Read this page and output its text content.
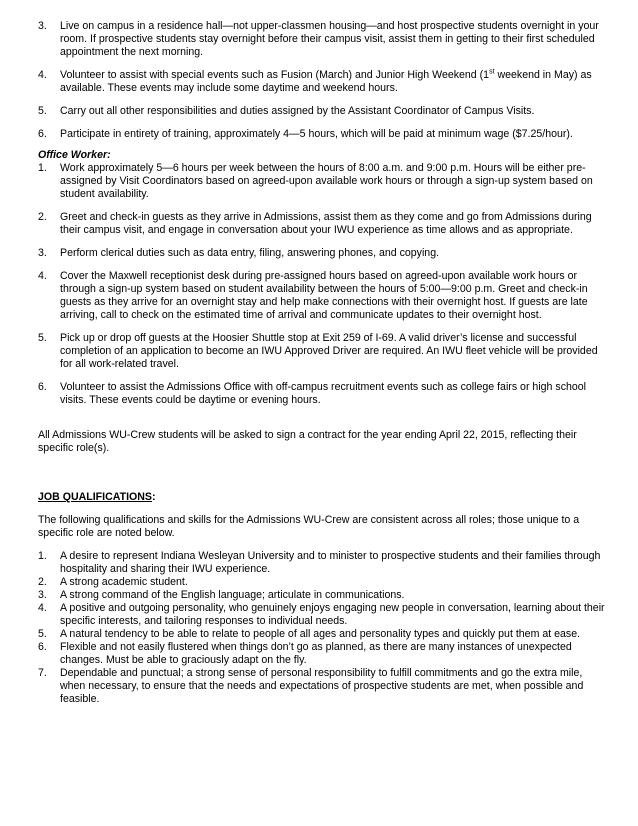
3.	Live on campus in a residence hall—not upper-classmen housing—and host prospective students overnight in your room. If prospective students stay overnight before their campus visit, assist them in getting to their first scheduled appointment the next morning.
4.	Volunteer to assist with special events such as Fusion (March) and Junior High Weekend (1st weekend in May) as available. These events may include some daytime and weekend hours.
5.	Carry out all other responsibilities and duties assigned by the Assistant Coordinator of Campus Visits.
6.	Participate in entirety of training, approximately 4—5 hours, which will be paid at minimum wage ($7.25/hour).
Office Worker:
1.	Work approximately 5—6 hours per week between the hours of 8:00 a.m. and 9:00 p.m. Hours will be either pre-assigned by Visit Coordinators based on agreed-upon available work hours or through a sign-up system based on student availability.
2.	Greet and check-in guests as they arrive in Admissions, assist them as they come and go from Admissions during their campus visit, and engage in conversation about your IWU experience as time allows and as appropriate.
3.	Perform clerical duties such as data entry, filing, answering phones, and copying.
4.	Cover the Maxwell receptionist desk during pre-assigned hours based on agreed-upon available work hours or through a sign-up system based on student availability between the hours of 5:00—9:00 p.m. Greet and check-in guests as they arrive for an overnight stay and help make connections with their overnight host. If guests are late arriving, call to check on the estimated time of arrival and communicate updates to their overnight host.
5.	Pick up or drop off guests at the Hoosier Shuttle stop at Exit 259 of I-69. A valid driver’s license and successful completion of an application to become an IWU Approved Driver are required. An IWU fleet vehicle will be provided for all work-related travel.
6.	Volunteer to assist the Admissions Office with off-campus recruitment events such as college fairs or high school visits. These events could be daytime or evening hours.

All Admissions WU-Crew students will be asked to sign a contract for the year ending April 22, 2015, reflecting their specific role(s).

JOB QUALIFICATIONS:

The following qualifications and skills for the Admissions WU-Crew are consistent across all roles; those unique to a specific role are noted below.

1.	A desire to represent Indiana Wesleyan University and to minister to prospective students and their families through hospitality and sharing their IWU experience.
2.	A strong academic student.
3.	A strong command of the English language; articulate in communications.
4.	A positive and outgoing personality, who genuinely enjoys engaging new people in conversation, learning about their specific interests, and tailoring responses to individual needs.
5.	A natural tendency to be able to relate to people of all ages and personality types and quickly put them at ease.
6.	Flexible and not easily flustered when things don’t go as planned, as there are many instances of unexpected changes. Must be able to graciously adapt on the fly.
7.	Dependable and punctual; a strong sense of personal responsibility to fulfill commitments and go the extra mile, when necessary, to ensure that the needs and expectations of prospective students are met, when possible and feasible.
